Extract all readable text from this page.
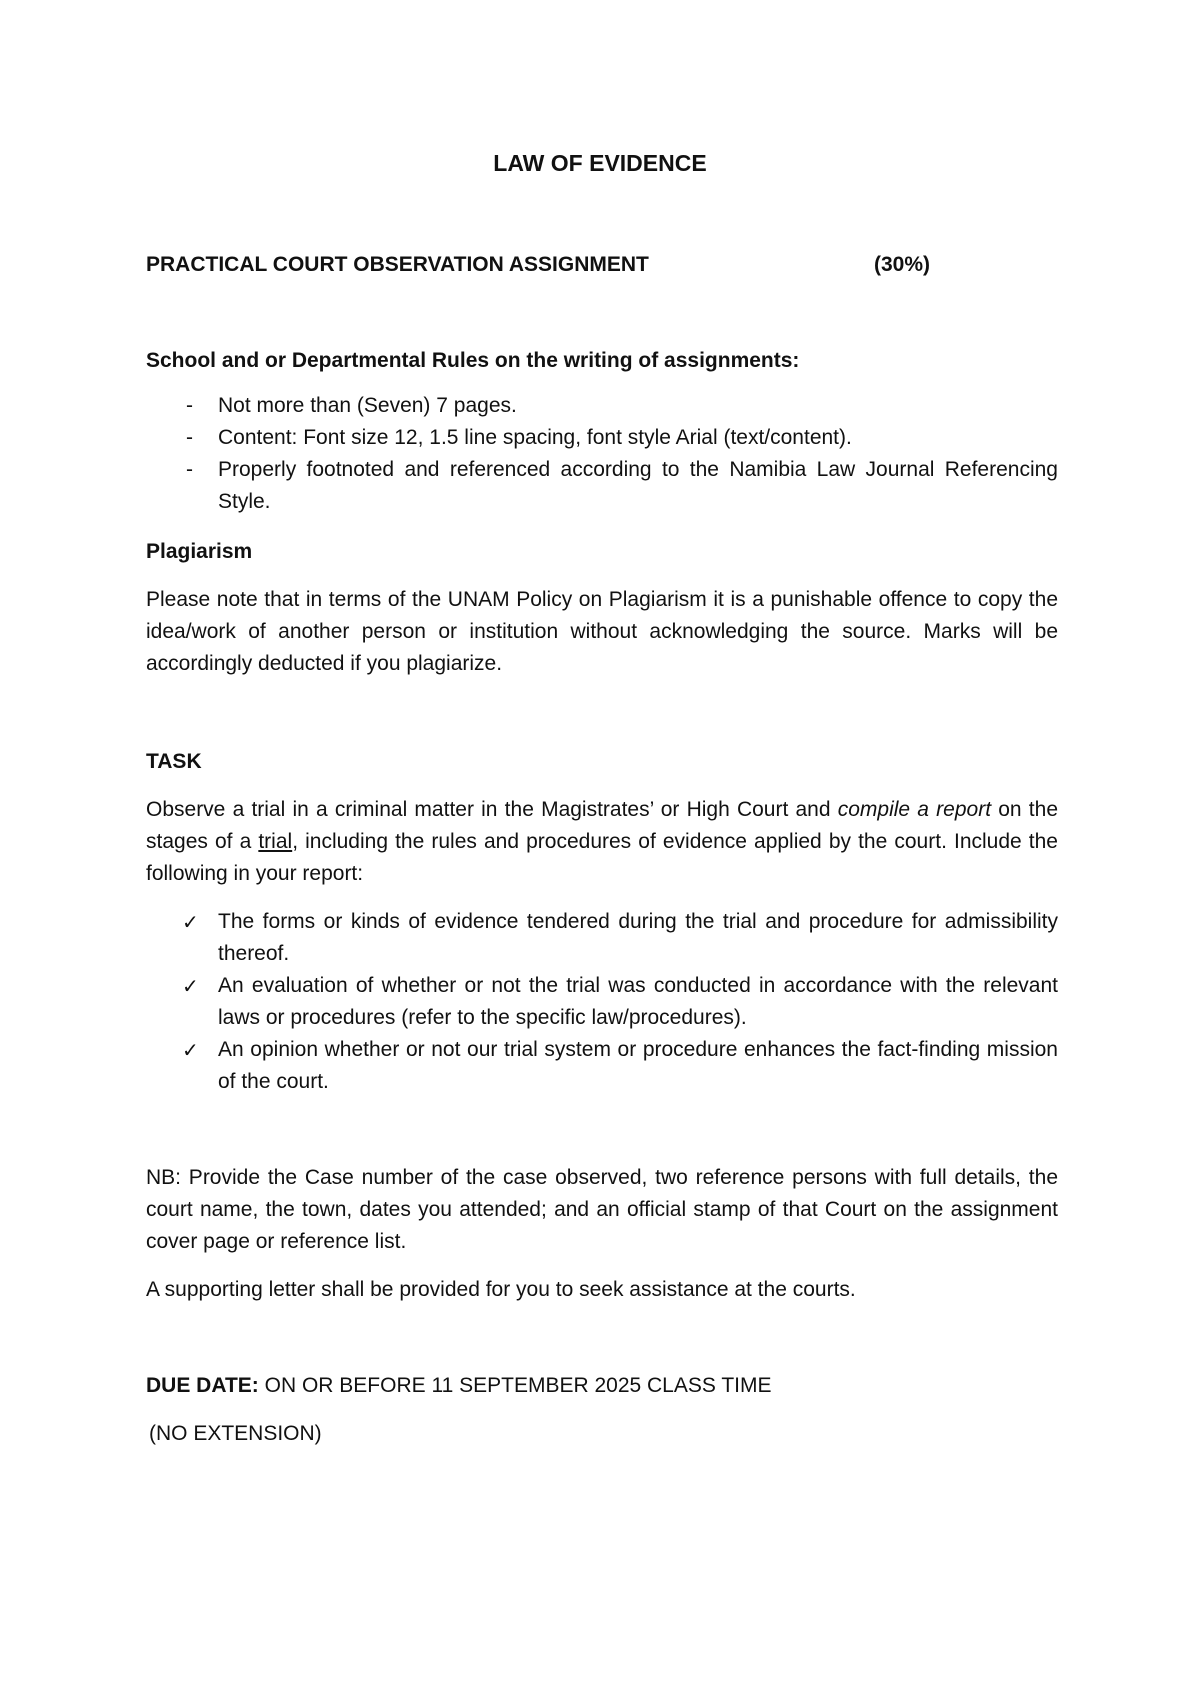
LAW OF EVIDENCE
PRACTICAL COURT OBSERVATION ASSIGNMENT	(30%)
School and or Departmental Rules on the writing of assignments:
- Not more than (Seven) 7 pages.
- Content: Font size 12, 1.5 line spacing, font style Arial (text/content).
- Properly footnoted and referenced according to the Namibia Law Journal Referencing Style.
Plagiarism
Please note that in terms of the UNAM Policy on Plagiarism it is a punishable offence to copy the idea/work of another person or institution without acknowledging the source. Marks will be accordingly deducted if you plagiarize.
TASK
Observe a trial in a criminal matter in the Magistrates’ or High Court and compile a report on the stages of a trial, including the rules and procedures of evidence applied by the court. Include the following in your report:
✓ The forms or kinds of evidence tendered during the trial and procedure for admissibility thereof.
✓ An evaluation of whether or not the trial was conducted in accordance with the relevant laws or procedures (refer to the specific law/procedures).
✓ An opinion whether or not our trial system or procedure enhances the fact-finding mission of the court.
NB: Provide the Case number of the case observed, two reference persons with full details, the court name, the town, dates you attended; and an official stamp of that Court on the assignment cover page or reference list.
A supporting letter shall be provided for you to seek assistance at the courts.
DUE DATE: ON OR BEFORE 11 SEPTEMBER 2025 CLASS TIME
(NO EXTENSION)
